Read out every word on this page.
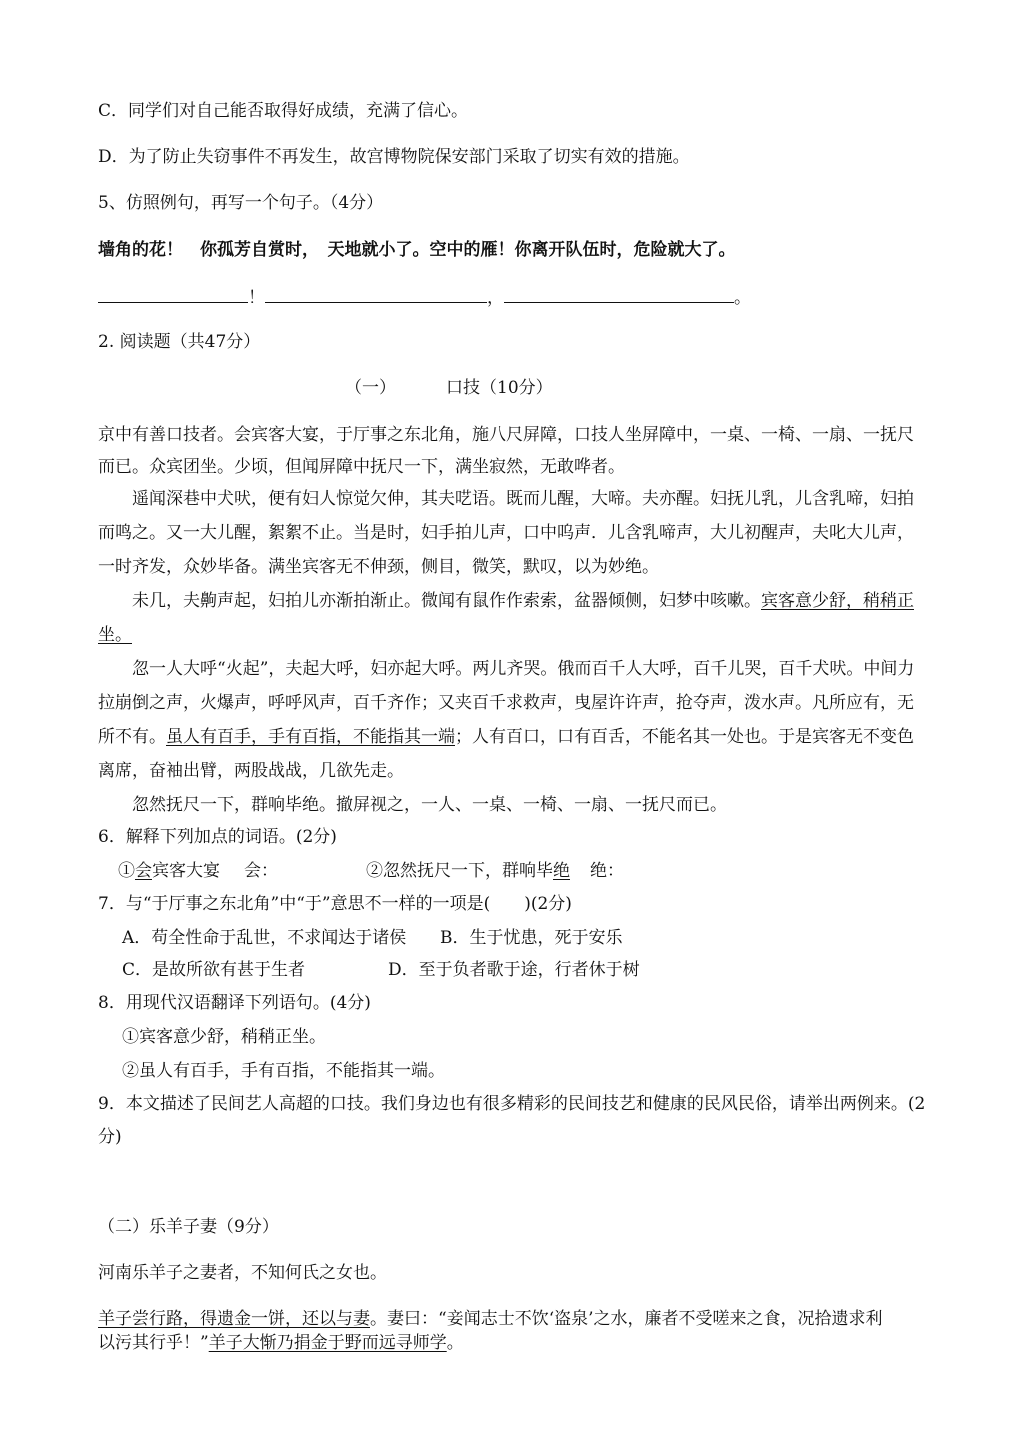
C．同学们对自己能否取得好成绩，充满了信心。
D．为了防止失窃事件不再发生，故宫博物院保安部门采取了切实有效的措施。
5、仿照例句，再写一个句子。（4分）
墙角的花！　你孤芳自赏时，　天地就小了。空中的雁！你离开队伍时，危险就大了。
！	，	。
2. 阅读题（共47分）
（一）	口技（10分）
京中有善口技者。会宾客大宴，于厅事之东北角，施八尺屏障，口技人坐屏障中，一桌、一椅、一扇、一抚尺
而已。众宾团坐。少顷，但闻屏障中抚尺一下，满坐寂然，无敢哗者。
遥闻深巷中犬吠，便有妇人惊觉欠伸，其夫呓语。既而儿醒，大啼。夫亦醒。妇抚儿乳，儿含乳啼，妇拍
而鸣之。又一大儿醒，絮絮不止。当是时，妇手拍儿声，口中呜声．儿含乳啼声，大儿初醒声，夫叱大儿声，
一时齐发，众妙毕备。满坐宾客无不伸颈，侧目，微笑，默叹，以为妙绝。
未几，夫齁声起，妇拍儿亦渐拍渐止。微闻有鼠作作索索，盆器倾侧，妇梦中咳嗽。宾客意少舒，稍稍正
坐。
忽一人大呼“火起”，夫起大呼，妇亦起大呼。两儿齐哭。俄而百千人大呼，百千儿哭，百千犬吠。中间力
拉崩倒之声，火爆声，呼呼风声，百千齐作；又夹百千求救声，曳屋许许声，抢夺声，泼水声。凡所应有，无
所不有。虽人有百手，手有百指，不能指其一端；人有百口，口有百舌，不能名其一处也。于是宾客无不变色
离席，奋袖出臂，两股战战，几欲先走。
忽然抚尺一下，群响毕绝。撤屏视之，一人、一桌、一椅、一扇、一抚尺而已。
6．解释下列加点的词语。(2分)
①会宾客大宴 会：	②忽然抚尺一下，群响毕绝 绝：
7．与“于厅事之东北角”中“于”意思不一样的一项是(　　)(2分)
A．苟全性命于乱世，不求闻达于诸侯 B．生于忧患，死于安乐
C．是故所欲有甚于生者	D．至于负者歌于途，行者休于树
8．用现代汉语翻译下列语句。(4分)
①宾客意少舒，稍稍正坐。
②虽人有百手，手有百指，不能指其一端。
9．本文描述了民间艺人高超的口技。我们身边也有很多精彩的民间技艺和健康的民风民俗，请举出两例来。(2
分)
（二）乐羊子妻（9分）
河南乐羊子之妻者，不知何氏之女也。
羊子尝行路，得遗金一饼，还以与妻。妻曰：“妾闻志士不饮‘盗泉’之水，廉者不受嗟来之食，况拾遗求利
以污其行乎！”羊子大惭乃捐金于野而远寻师学。
